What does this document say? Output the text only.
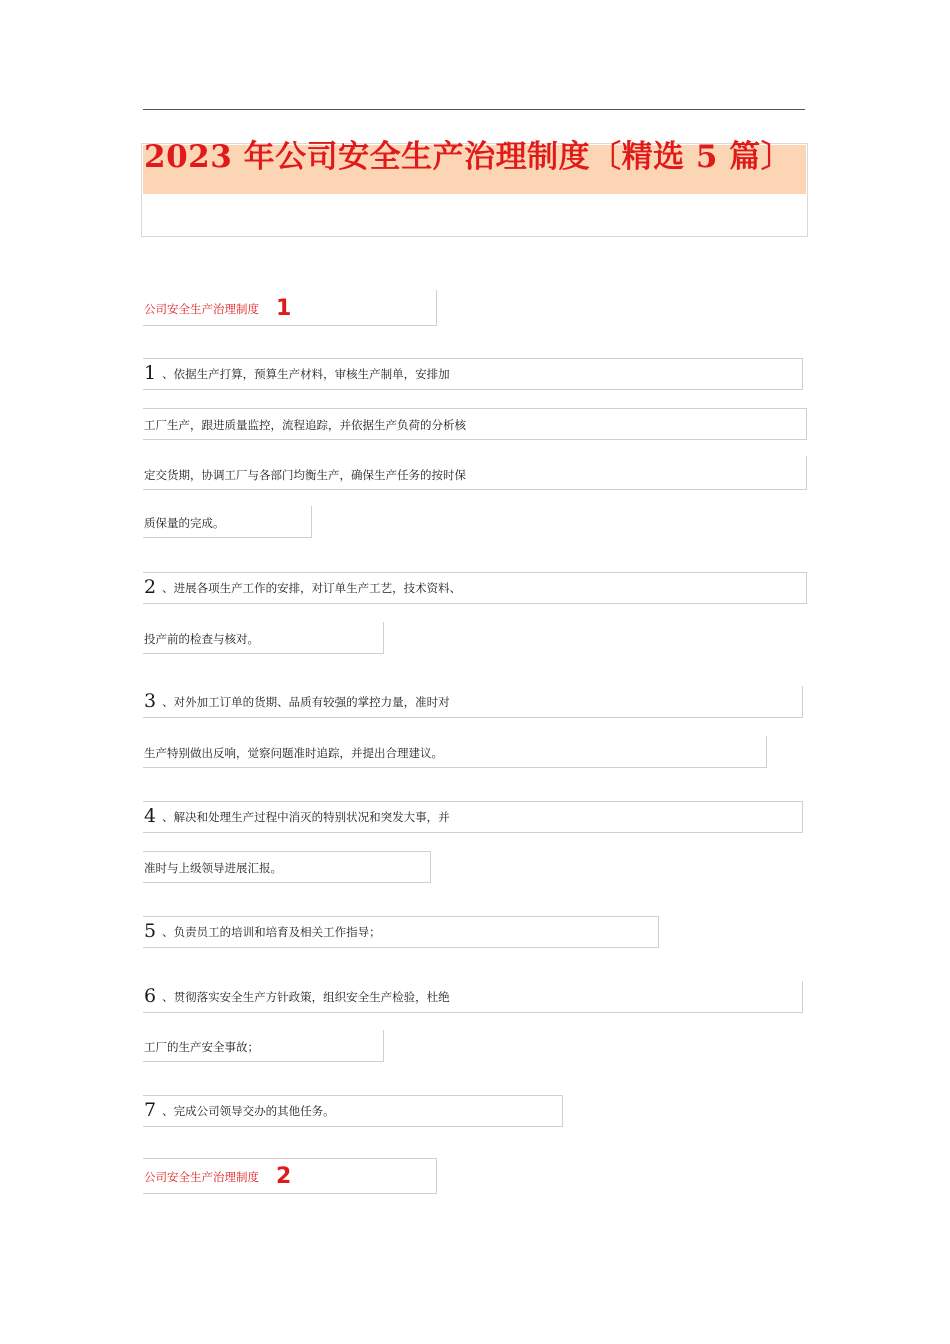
2023 年公司安全生产治理制度〔精选 5 篇〕
公司安全生产治理制度 1
1 、依据生产打算，预算生产材料，审核生产制单，安排加
工厂生产，跟进质量监控，流程追踪，并依据生产负荷的分析核
定交货期，协调工厂与各部门均衡生产，确保生产任务的按时保
质保量的完成。
2 、进展各项生产工作的安排，对订单生产工艺，技术资料、
投产前的检查与核对。
3 、对外加工订单的货期、品质有较强的掌控力量，准时对
生产特别做出反响，觉察问题准时追踪，并提出合理建议。
4 、解决和处理生产过程中消灭的特别状况和突发大事，并
准时与上级领导进展汇报。
5 、负责员工的培训和培育及相关工作指导；
6 、贯彻落实安全生产方针政策，组织安全生产检验，杜绝
工厂的生产安全事故；
7 、完成公司领导交办的其他任务。
公司安全生产治理制度 2
